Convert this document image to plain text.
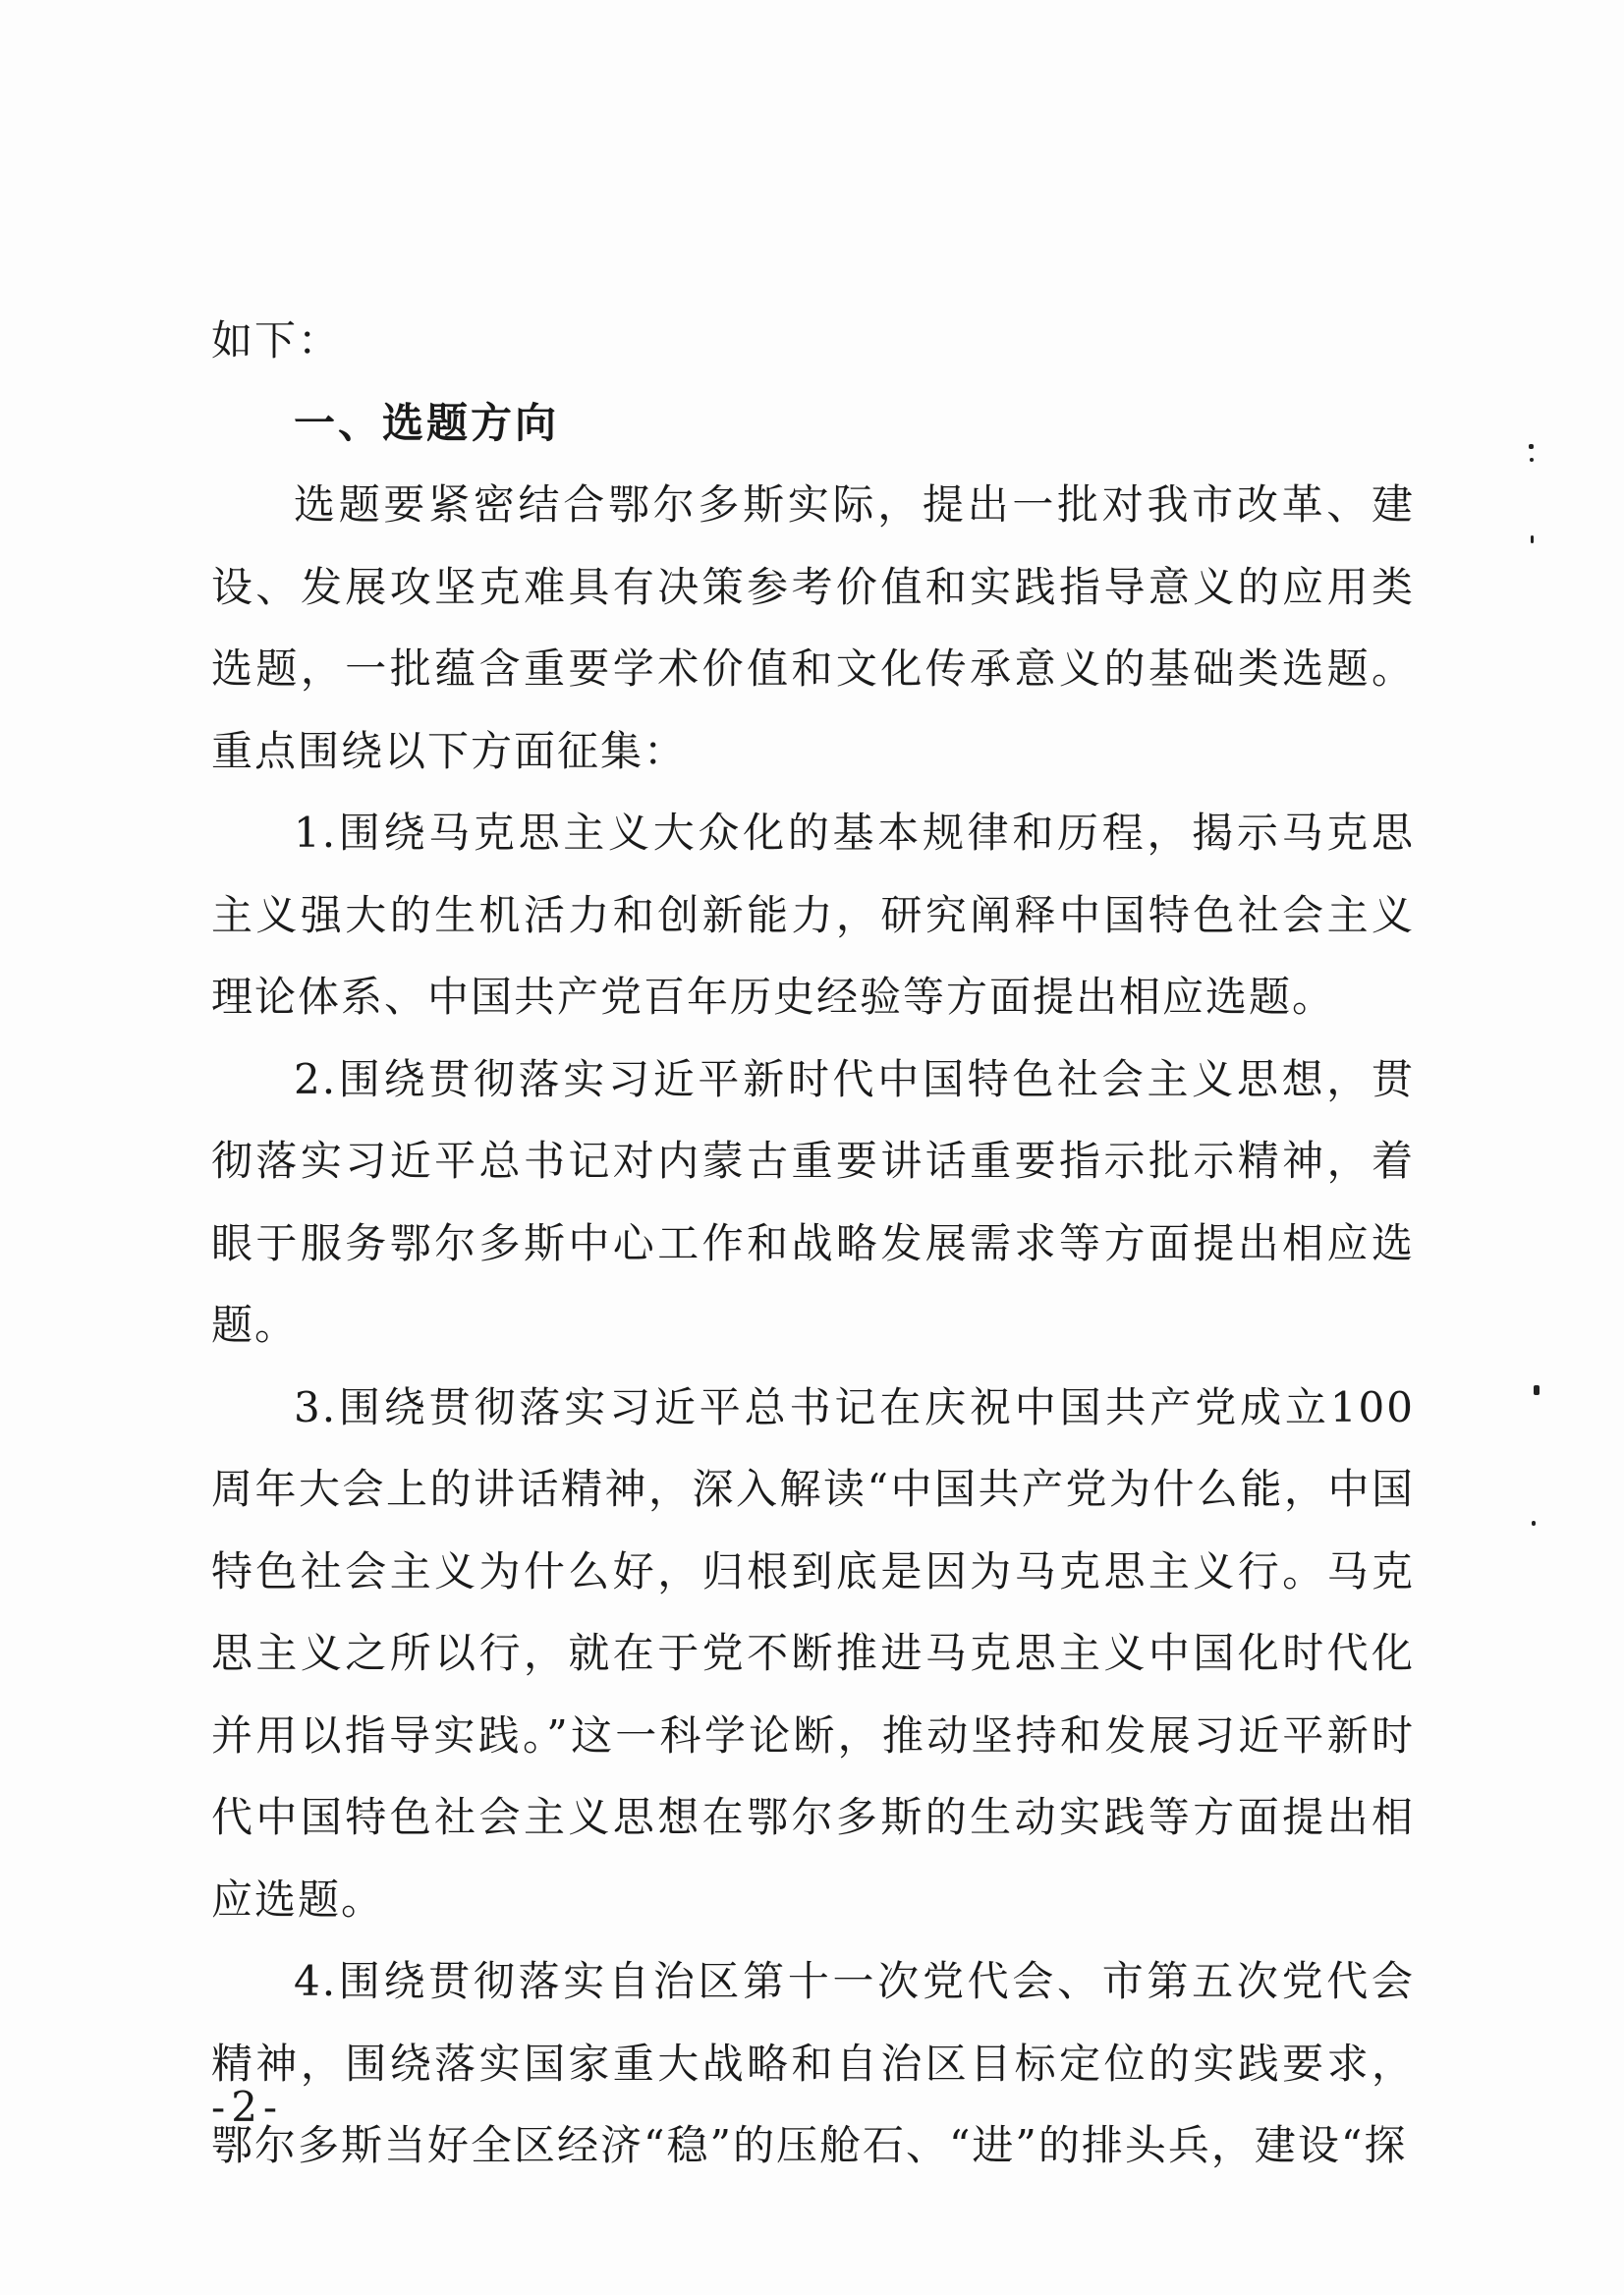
如下：

一、选题方向

选题要紧密结合鄂尔多斯实际，提出一批对我市改革、建设、发展攻坚克难具有决策参考价值和实践指导意义的应用类选题，一批蕴含重要学术价值和文化传承意义的基础类选题。重点围绕以下方面征集：

1.围绕马克思主义大众化的基本规律和历程，揭示马克思主义强大的生机活力和创新能力，研究阐释中国特色社会主义理论体系、中国共产党百年历史经验等方面提出相应选题。

2.围绕贯彻落实习近平新时代中国特色社会主义思想，贯彻落实习近平总书记对内蒙古重要讲话重要指示批示精神，着眼于服务鄂尔多斯中心工作和战略发展需求等方面提出相应选题。

3.围绕贯彻落实习近平总书记在庆祝中国共产党成立100周年大会上的讲话精神，深入解读“中国共产党为什么能，中国特色社会主义为什么好，归根到底是因为马克思主义行。马克思主义之所以行，就在于党不断推进马克思主义中国化时代化并用以指导实践。”这一科学论断，推动坚持和发展习近平新时代中国特色社会主义思想在鄂尔多斯的生动实践等方面提出相应选题。

4.围绕贯彻落实自治区第十一次党代会、市第五次党代会精神，围绕落实国家重大战略和自治区目标定位的实践要求，鄂尔多斯当好全区经济“稳”的压舱石、“进”的排头兵，建设“探

-2-
